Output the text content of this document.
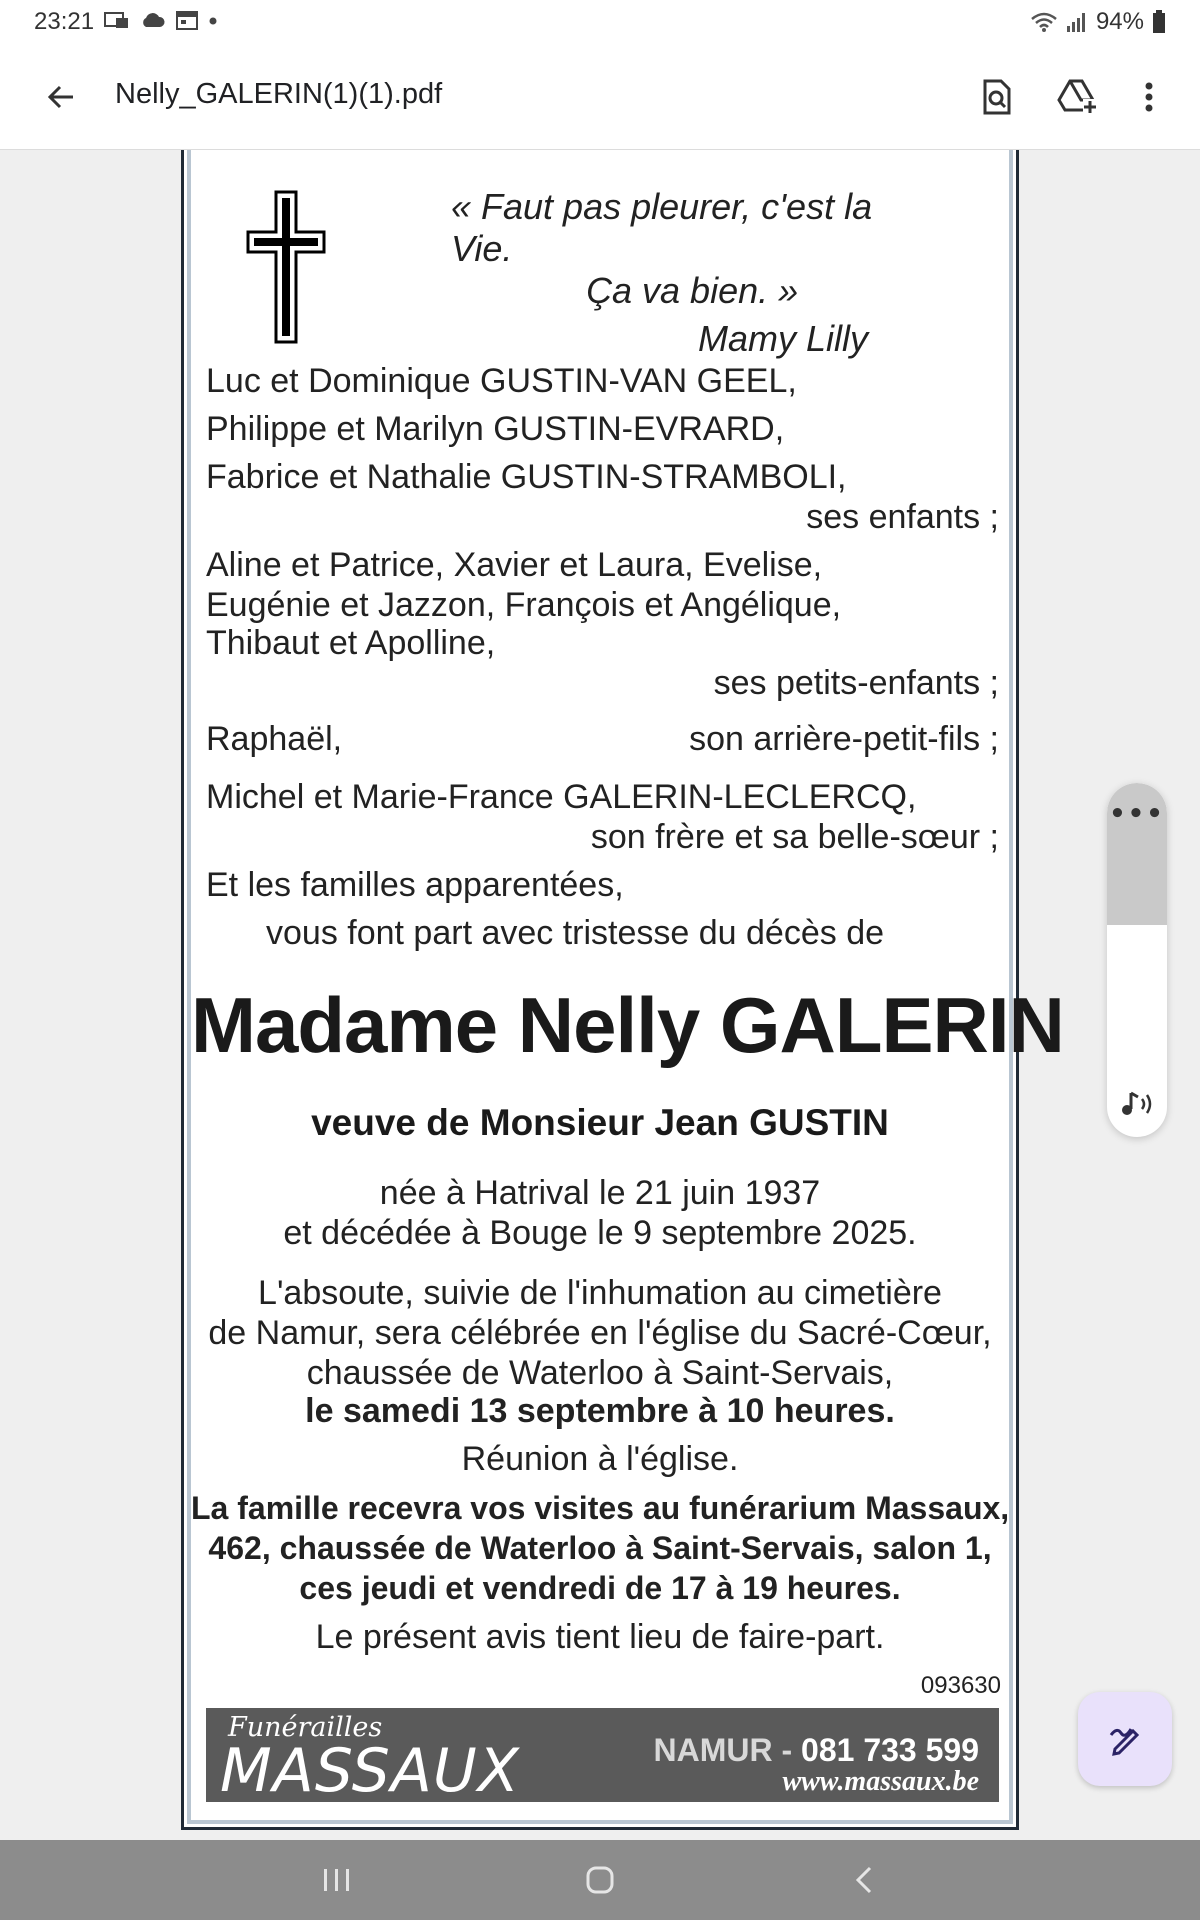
23:21	94%
Nelly_GALERIN(1)(1).pdf
« Faut pas pleurer, c'est la Vie.
Ça va bien. »
Mamy Lilly
Luc et Dominique GUSTIN-VAN GEEL,
Philippe et Marilyn GUSTIN-EVRARD,
Fabrice et Nathalie GUSTIN-STRAMBOLI,
ses enfants ;
Aline et Patrice, Xavier et Laura, Evelise,
Eugénie et Jazzon, François et Angélique,
Thibaut et Apolline,
ses petits-enfants ;
Raphaël,	son arrière-petit-fils ;
Michel et Marie-France GALERIN-LECLERCQ,
son frère et sa belle-sœur ;
Et les familles apparentées,
vous font part avec tristesse du décès de
Madame Nelly GALERIN
veuve de Monsieur Jean GUSTIN
née à Hatrival le 21 juin 1937
et décédée à Bouge le 9 septembre 2025.
L'absoute, suivie de l'inhumation au cimetière
de Namur, sera célébrée en l'église du Sacré-Cœur,
chaussée de Waterloo à Saint-Servais,
le samedi 13 septembre à 10 heures.
Réunion à l'église.
La famille recevra vos visites au funérarium Massaux,
462, chaussée de Waterloo à Saint-Servais, salon 1,
ces jeudi et vendredi de 17 à 19 heures.
Le présent avis tient lieu de faire-part.
093630
Funérailles
MASSAUX	NAMUR - 081 733 599
www.massaux.be
•••
